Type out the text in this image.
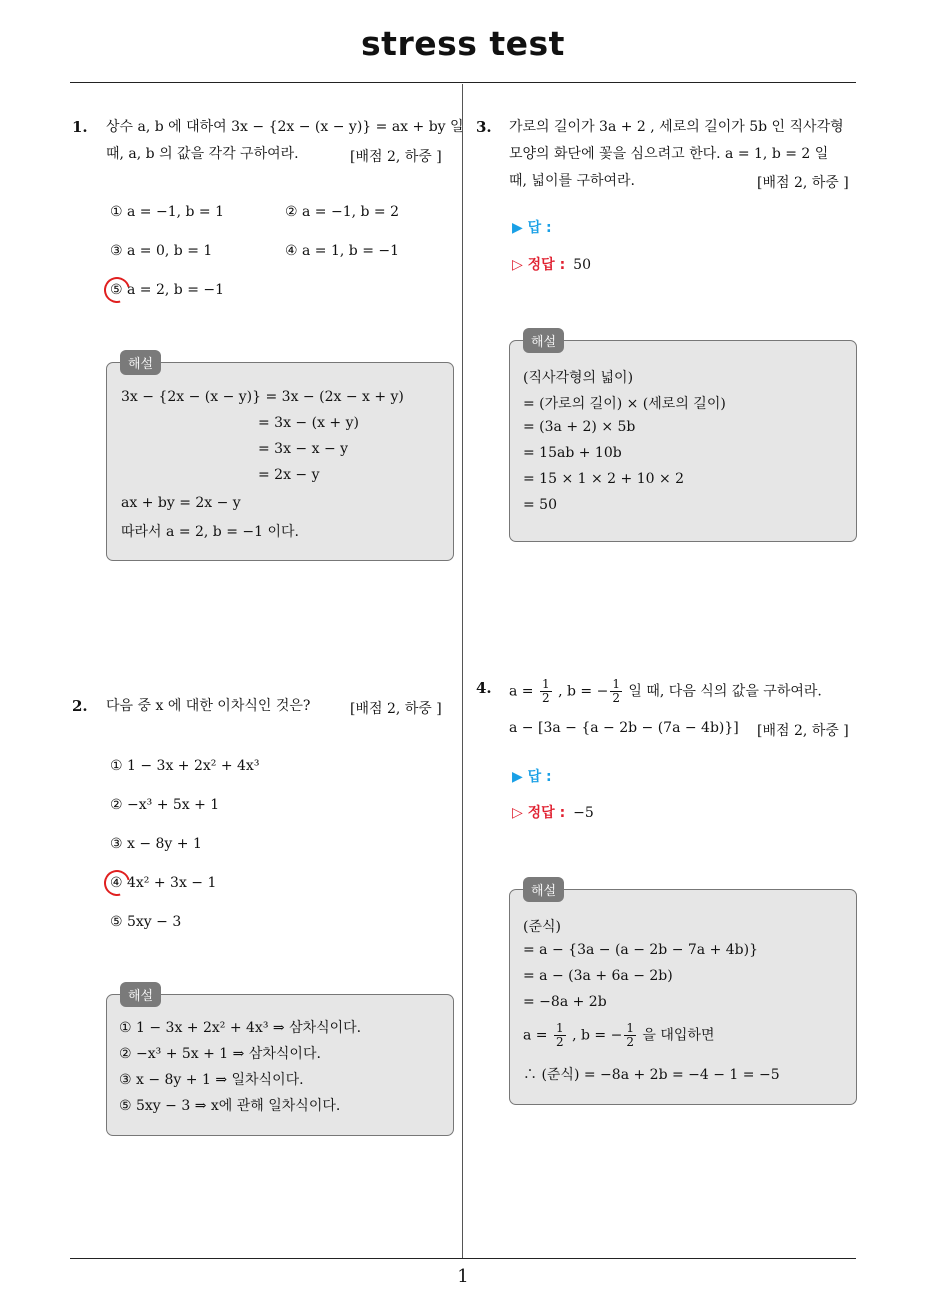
stress test
1
1. 상수 a, b 에 대하여 3x − {2x − (x − y)} = ax + by 일
때, a, b 의 값을 각각 구하여라.	[배점 2, 하중 ]
① a = −1, b = 1	② a = −1, b = 2
③ a = 0, b = 1	④ a = 1, b = −1
⑤ a = 2, b = −1
3x − {2x − (x − y)} = 3x − (2x − x + y)
= 3x − (x + y)
= 3x − x − y
= 2x − y
ax + by = 2x − y
따라서 a = 2, b = −1 이다.
해설
2. 다음 중 x 에 대한 이차식인 것은?	[배점 2, 하중 ]
① 1 − 3x + 2x² + 4x³
② −x³ + 5x + 1
③ x − 8y + 1
④ 4x² + 3x − 1
⑤ 5xy − 3
① 1 − 3x + 2x² + 4x³ ⇒ 삼차식이다.
② −x³ + 5x + 1 ⇒ 삼차식이다.
③ x − 8y + 1 ⇒ 일차식이다.
⑤ 5xy − 3 ⇒ x에 관해 일차식이다.
해설
3. 가로의 길이가 3a + 2 , 세로의 길이가 5b 인 직사각형
모양의 화단에 꽃을 심으려고 한다. a = 1, b = 2 일
때, 넓이를 구하여라.	[배점 2, 하중 ]
▶ 답 :
▷ 정답 : 50
(직사각형의 넓이)
= (가로의 길이) × (세로의 길이)
= (3a + 2) × 5b
= 15ab + 10b
= 15 × 1 × 2 + 10 × 2
= 50
해설
4. $a = \frac{1}{2}$ , b = − $\frac{1}{2}$ 일 때, 다음 식의 값을 구하여라.
a − [3a − {a − 2b − (7a − 4b)}] [배점 2, 하중 ]
▶ 답 :
▷ 정답 : −5
(준식)
= a − {3a − (a − 2b − 7a + 4b)}
= a − (3a + 6a − 2b)
= −8a + 2b
$a = \frac{1}{2}$ , b = − $\frac{1}{2}$ 을 대입하면
∴ (준식) = −8a + 2b = −4 − 1 = −5
해설
